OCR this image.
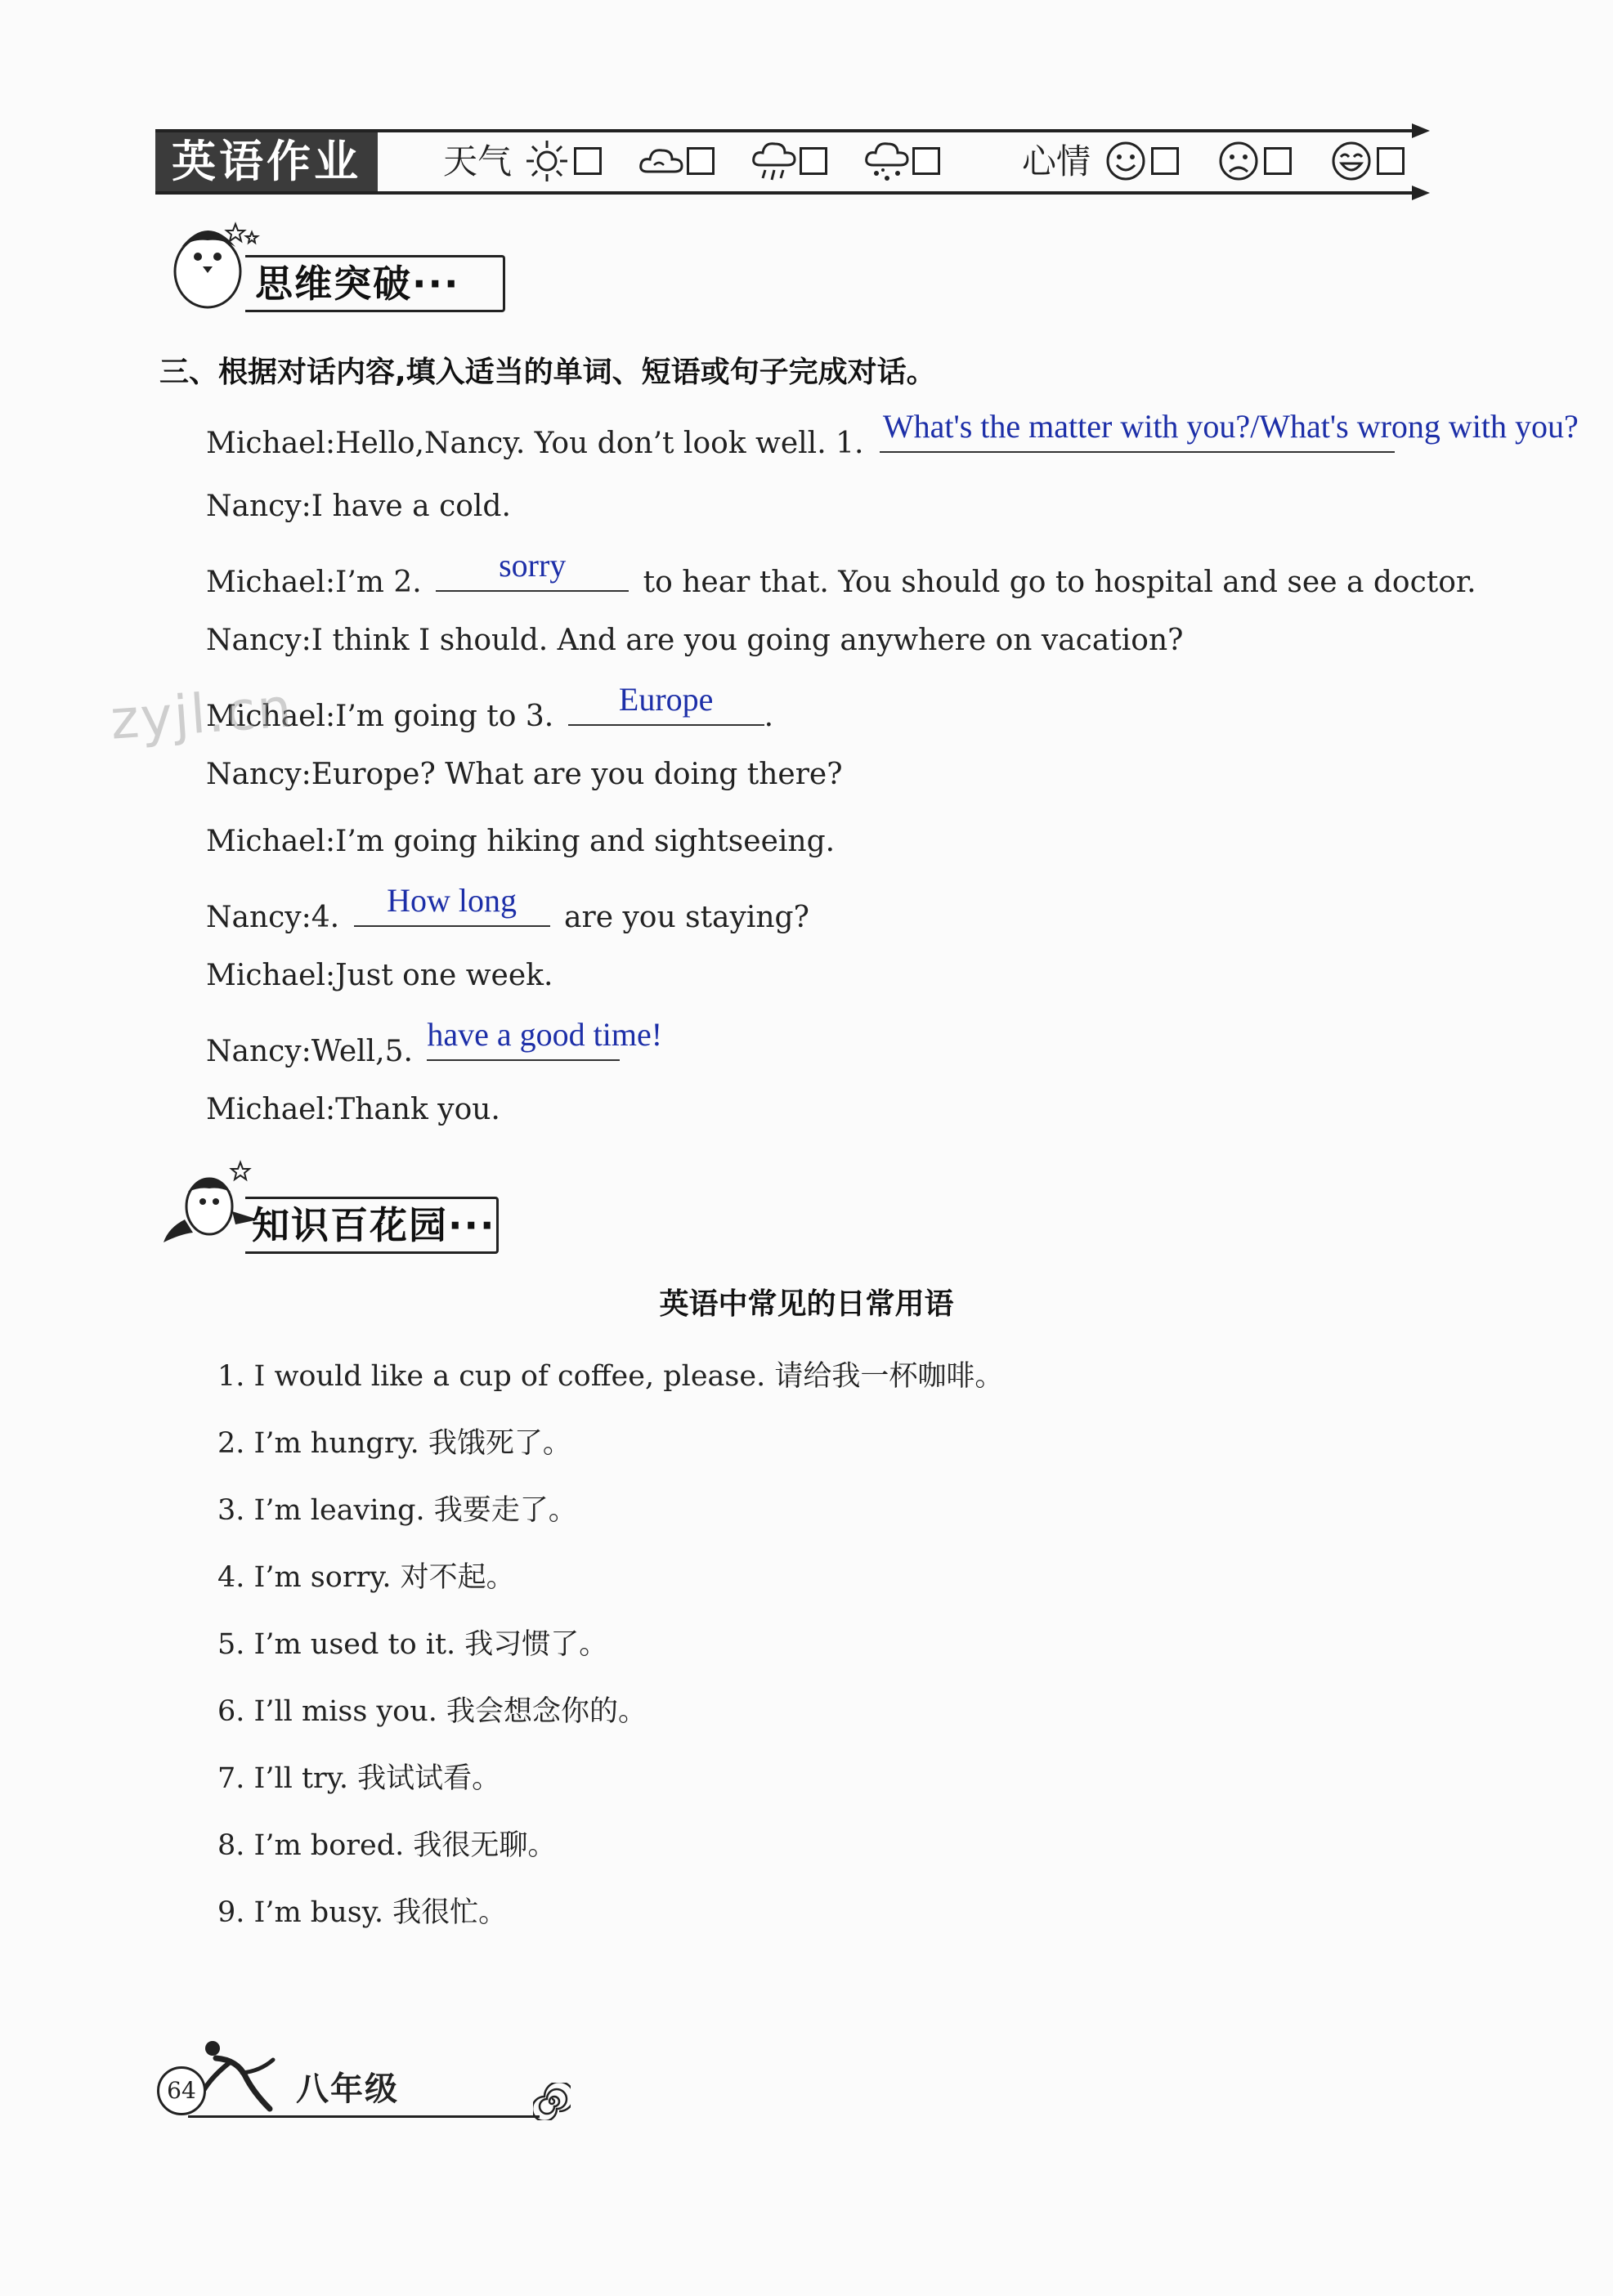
英语作业	天气	心情
思维突破···
三、根据对话内容,填入适当的单词、短语或句子完成对话。
Michael:Hello,Nancy. You don’t look well. 1. What's the matter with you?/What's wrong with you?
Nancy:I have a cold.
Michael:I’m 2.	sorry	to hear that. You should go to hospital and see a doctor.
Nancy:I think I should. And are you going anywhere on vacation?
Michael:I’m going to 3.	Europe	.
Nancy:Europe? What are you doing there?
Michael:I’m going hiking and sightseeing.
Nancy:4.	How long	are you staying?
Michael:Just one week.
Nancy:Well,5. have a good time!
Michael:Thank you.
知识百花园···
英语中常见的日常用语
1. I would like a cup of coffee, please. 请给我一杯咖啡。
2. I’m hungry. 我饿死了。
3. I’m leaving. 我要走了。
4. I’m sorry. 对不起。
5. I’m used to it. 我习惯了。
6. I’ll miss you. 我会想念你的。
7. I’ll try. 我试试看。
8. I’m bored. 我很无聊。
9. I’m busy. 我很忙。
zyjl.cn
64	八年级
